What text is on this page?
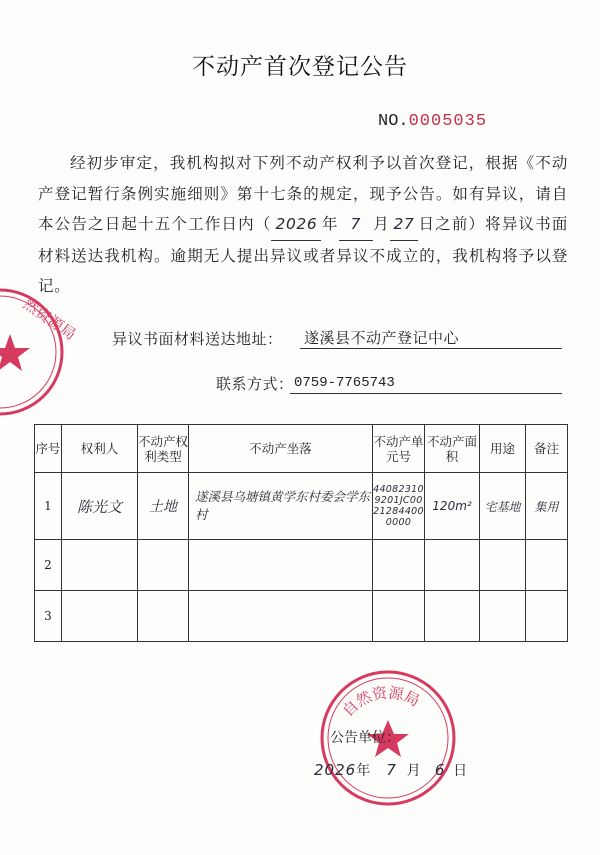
然资源局
自然资源局
不动产首次登记公告
NO.0005035
经初步审定，我机构拟对下列不动产权利予以首次登记，根据《不动产登记暂行条例实施细则》第十七条的规定，现予公告。如有异议，请自本公告之日起十五个工作日内（ 2026 年 7 月 27 日之前）将异议书面材料送达我机构。逾期无人提出异议或者异议不成立的，我机构将予以登记。
异议书面材料送达地址： 遂溪县不动产登记中心
联系方式： 0759-7765743
序号	权利人	不动产权利类型	不动产坐落	不动产单元号	不动产面积	用途	备注
1	陈光文	土地	遂溪县乌塘镇黄学东村委会学东村	440823109201JC00212844000000	120m²	宅基地	集用
2							
3							
公告单位：
2026年 7 月 6 日
